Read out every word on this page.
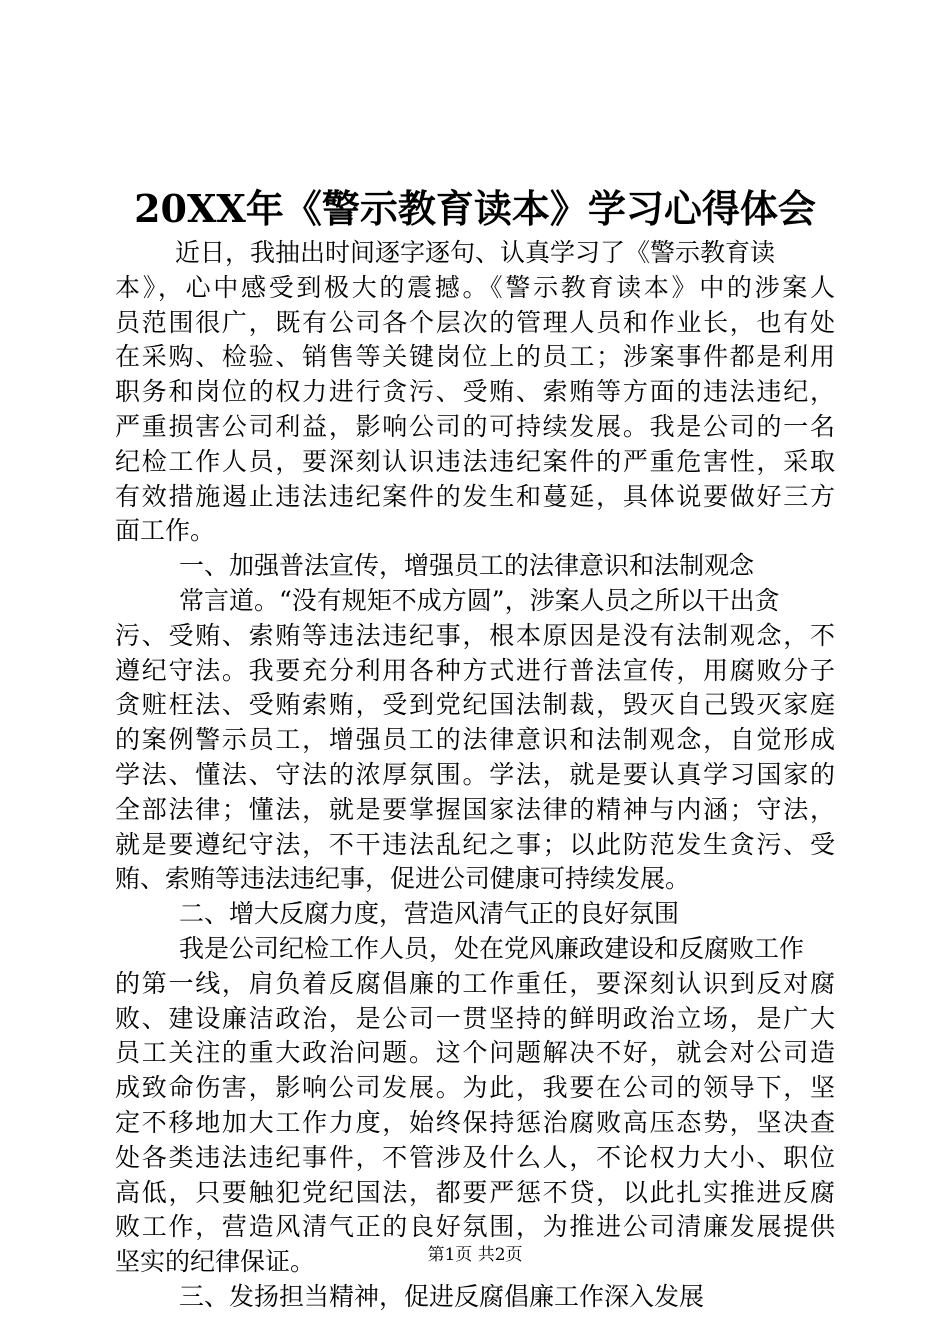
20XX年《警示教育读本》学习心得体会
近日，我抽出时间逐字逐句、认真学习了《警示教育读
本》，心中感受到极大的震撼。《警示教育读本》中的涉案人
员范围很广，既有公司各个层次的管理人员和作业长，也有处
在采购、检验、销售等关键岗位上的员工；涉案事件都是利用
职务和岗位的权力进行贪污、受贿、索贿等方面的违法违纪，
严重损害公司利益，影响公司的可持续发展。我是公司的一名
纪检工作人员，要深刻认识违法违纪案件的严重危害性，采取
有效措施遏止违法违纪案件的发生和蔓延，具体说要做好三方
面工作。
一、加强普法宣传，增强员工的法律意识和法制观念
常言道。“没有规矩不成方圆”，涉案人员之所以干出贪
污、受贿、索贿等违法违纪事，根本原因是没有法制观念，不
遵纪守法。我要充分利用各种方式进行普法宣传，用腐败分子
贪赃枉法、受贿索贿，受到党纪国法制裁，毁灭自己毁灭家庭
的案例警示员工，增强员工的法律意识和法制观念，自觉形成
学法、懂法、守法的浓厚氛围。学法，就是要认真学习国家的
全部法律；懂法，就是要掌握国家法律的精神与内涵；守法，
就是要遵纪守法，不干违法乱纪之事；以此防范发生贪污、受
贿、索贿等违法违纪事，促进公司健康可持续发展。
二、增大反腐力度，营造风清气正的良好氛围
我是公司纪检工作人员，处在党风廉政建设和反腐败工作
的第一线，肩负着反腐倡廉的工作重任，要深刻认识到反对腐
败、建设廉洁政治，是公司一贯坚持的鲜明政治立场，是广大
员工关注的重大政治问题。这个问题解决不好，就会对公司造
成致命伤害，影响公司发展。为此，我要在公司的领导下，坚
定不移地加大工作力度，始终保持惩治腐败高压态势，坚决查
处各类违法违纪事件，不管涉及什么人，不论权力大小、职位
高低，只要触犯党纪国法，都要严惩不贷，以此扎实推进反腐
败工作，营造风清气正的良好氛围，为推进公司清廉发展提供
坚实的纪律保证。
三、发扬担当精神，促进反腐倡廉工作深入发展
第1页 共2页
